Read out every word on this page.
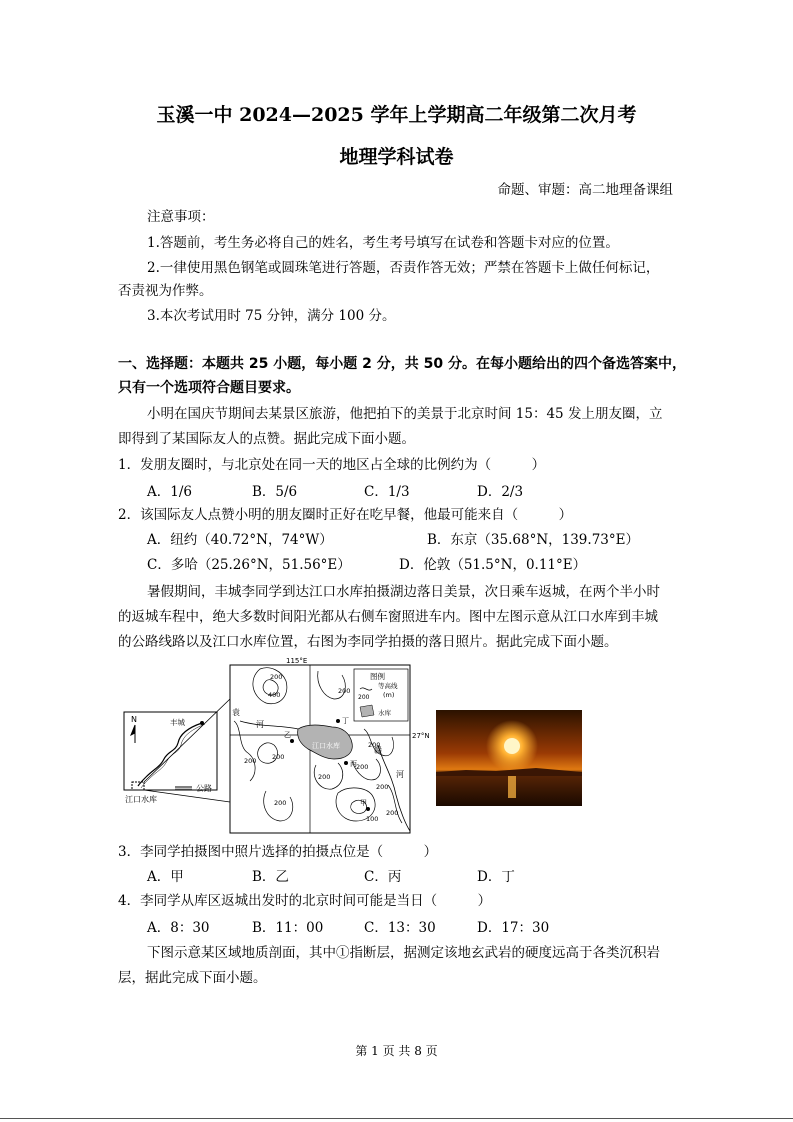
玉溪一中 2024—2025 学年上学期高二年级第二次月考
地理学科试卷
命题、审题：高二地理备课组
注意事项：
1.答题前，考生务必将自己的姓名，考生考号填写在试卷和答题卡对应的位置。
2.一律使用黑色钢笔或圆珠笔进行答题，否责作答无效；严禁在答题卡上做任何标记，
否责视为作弊。
3.本次考试用时 75 分钟，满分 100 分。
一、选择题：本题共 25 小题，每小题 2 分，共 50 分。在每小题给出的四个备选答案中，
只有一个选项符合题目要求。
小明在国庆节期间去某景区旅游，他把拍下的美景于北京时间 15：45 发上朋友圈，立
即得到了某国际友人的点赞。据此完成下面小题。
1．发朋友圈时，与北京处在同一天的地区占全球的比例约为（　　　）
A．1/6	B．5/6	C．1/3	D．2/3
2．该国际友人点赞小明的朋友圈时正好在吃早餐，他最可能来自（　　　）
A．纽约（40.72°N，74°W）	B．东京（35.68°N，139.73°E）
C．多哈（25.26°N，51.56°E）	D．伦敦（51.5°N，0.11°E）
暑假期间，丰城李同学到达江口水库拍摄湖边落日美景，次日乘车返城，在两个半小时
的返城车程中，绝大多数时间阳光都从右侧车窗照进车内。图中左图示意从江口水库到丰城
的公路线路以及江口水库位置，右图为李同学拍摄的落日照片。据此完成下面小题。
N	丰城
江口水库
公路
115°E
27°N
江口水库
图例
200
等高线
(m)
水库
袁
河
赣
河
乙
丁
丙
甲
200
400	200
200
200
200
200
200
200
200
200
100
3．李同学拍摄图中照片选择的拍摄点位是（　　　）
A．甲	B．乙	C．丙	D．丁
4．李同学从库区返城出发时的北京时间可能是当日（　　　）
A．8：30	B．11：00	C．13：30	D．17：30
下图示意某区域地质剖面，其中①指断层，据测定该地玄武岩的硬度远高于各类沉积岩
层，据此完成下面小题。
第 1 页 共 8 页
